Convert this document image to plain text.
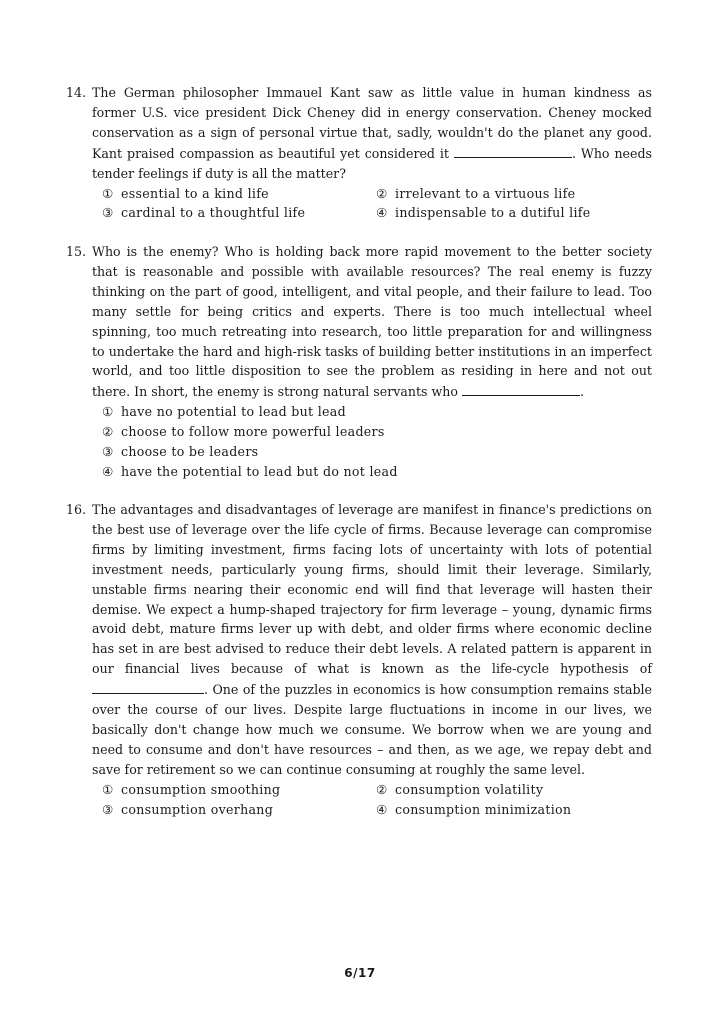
14. The German philosopher Immauel Kant saw as little value in human kindness as former U.S. vice president Dick Cheney did in energy conservation. Cheney mocked conservation as a sign of personal virtue that, sadly, wouldn't do the planet any good. Kant praised compassion as beautiful yet considered it	. Who needs tender feelings if duty is all the matter?

① essential to a kind life	② irrelevant to a virtuous life
③ cardinal to a thoughtful life	④ indispensable to a dutiful life

15. Who is the enemy? Who is holding back more rapid movement to the better society that is reasonable and possible with available resources? The real enemy is fuzzy thinking on the part of good, intelligent, and vital people, and their failure to lead. Too many settle for being critics and experts. There is too much intellectual wheel spinning, too much retreating into research, too little preparation for and willingness to undertake the hard and high-risk tasks of building better institutions in an imperfect world, and too little disposition to see the problem as residing in here and not out there. In short, the enemy is strong natural servants who	.

① have no potential to lead but lead
② choose to follow more powerful leaders
③ choose to be leaders
④ have the potential to lead but do not lead

16. The advantages and disadvantages of leverage are manifest in finance's predictions on the best use of leverage over the life cycle of firms. Because leverage can compromise firms by limiting investment, firms facing lots of uncertainty with lots of potential investment needs, particularly young firms, should limit their leverage. Similarly, unstable firms nearing their economic end will find that leverage will hasten their demise. We expect a hump-shaped trajectory for firm leverage – young, dynamic firms avoid debt, mature firms lever up with debt, and older firms where economic decline has set in are best advised to reduce their debt levels. A related pattern is apparent in our financial lives because of what is known as the life-cycle hypothesis of . One of the puzzles in economics is how consumption remains stable over the course of our lives. Despite large fluctuations in income in our lives, we basically don't change how much we consume. We borrow when we are young and need to consume and don't have resources – and then, as we age, we repay debt and save for retirement so we can continue consuming at roughly the same level.

① consumption smoothing	② consumption volatility
③ consumption overhang	④ consumption minimization
6/17
